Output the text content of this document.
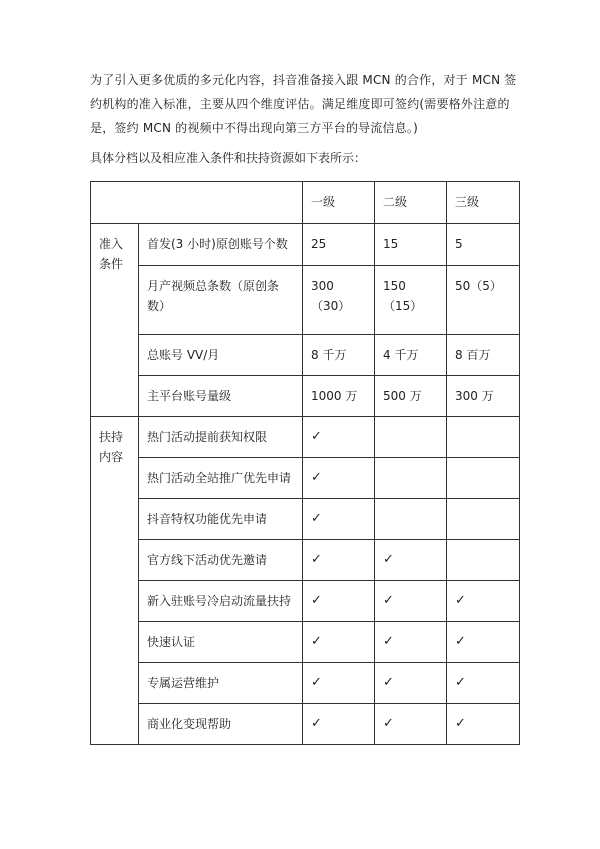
为了引入更多优质的多元化内容，抖音准备接入跟 MCN 的合作，对于 MCN 签约机构的准入标准，主要从四个维度评估。满足维度即可签约(需要格外注意的是，签约 MCN 的视频中不得出现向第三方平台的导流信息。)

具体分档以及相应准入条件和扶持资源如下表所示：

		一级	二级	三级
准入条件	首发(3 小时)原创账号个数	25	15	5
	月产视频总条数（原创条数）	300（30）	150（15）	50（5）
	总账号 VV/月	8 千万	4 千万	8 百万
	主平台账号量级	1000 万	500 万	300 万
扶持内容	热门活动提前获知权限	✓		
	热门活动全站推广优先申请	✓		
	抖音特权功能优先申请	✓		
	官方线下活动优先邀请	✓	✓	
	新入驻账号冷启动流量扶持	✓	✓	✓
	快速认证	✓	✓	✓
	专属运营维护	✓	✓	✓
	商业化变现帮助	✓	✓	✓
